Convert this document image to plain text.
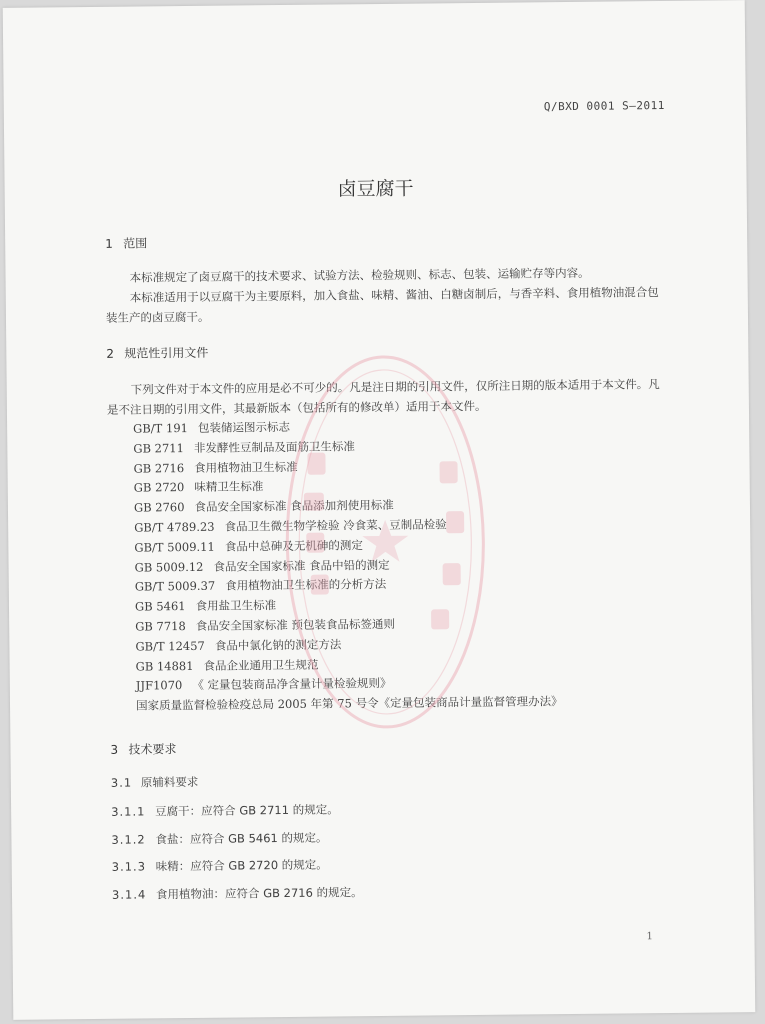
Q/BXD 0001 S—2011
卤豆腐干
1 范围
本标准规定了卤豆腐干的技术要求、试验方法、检验规则、标志、包装、运输贮存等内容。
本标准适用于以豆腐干为主要原料，加入食盐、味精、酱油、白糖卤制后，与香辛料、食用植物油混合包装生产的卤豆腐干。
2 规范性引用文件
下列文件对于本文件的应用是必不可少的。凡是注日期的引用文件，仅所注日期的版本适用于本文件。凡是不注日期的引用文件，其最新版本（包括所有的修改单）适用于本文件。
GB/T 191 包装储运图示标志
GB 2711 非发酵性豆制品及面筋卫生标准
GB 2716 食用植物油卫生标准
GB 2720 味精卫生标准
GB 2760 食品安全国家标准 食品添加剂使用标准
GB/T 4789.23 食品卫生微生物学检验 冷食菜、豆制品检验
GB/T 5009.11 食品中总砷及无机砷的测定
GB 5009.12 食品安全国家标准 食品中铅的测定
GB/T 5009.37 食用植物油卫生标准的分析方法
GB 5461 食用盐卫生标准
GB 7718 食品安全国家标准 预包装食品标签通则
GB/T 12457 食品中氯化钠的测定方法
GB 14881 食品企业通用卫生规范
JJF1070 《 定量包装商品净含量计量检验规则》
国家质量监督检验检疫总局 2005 年第 75 号令《定量包装商品计量监督管理办法》
3 技术要求
3.1 原辅料要求
3.1.1 豆腐干：应符合 GB 2711 的规定。
3.1.2 食盐：应符合 GB 5461 的规定。
3.1.3 味精：应符合 GB 2720 的规定。
3.1.4 食用植物油：应符合 GB 2716 的规定。
1
